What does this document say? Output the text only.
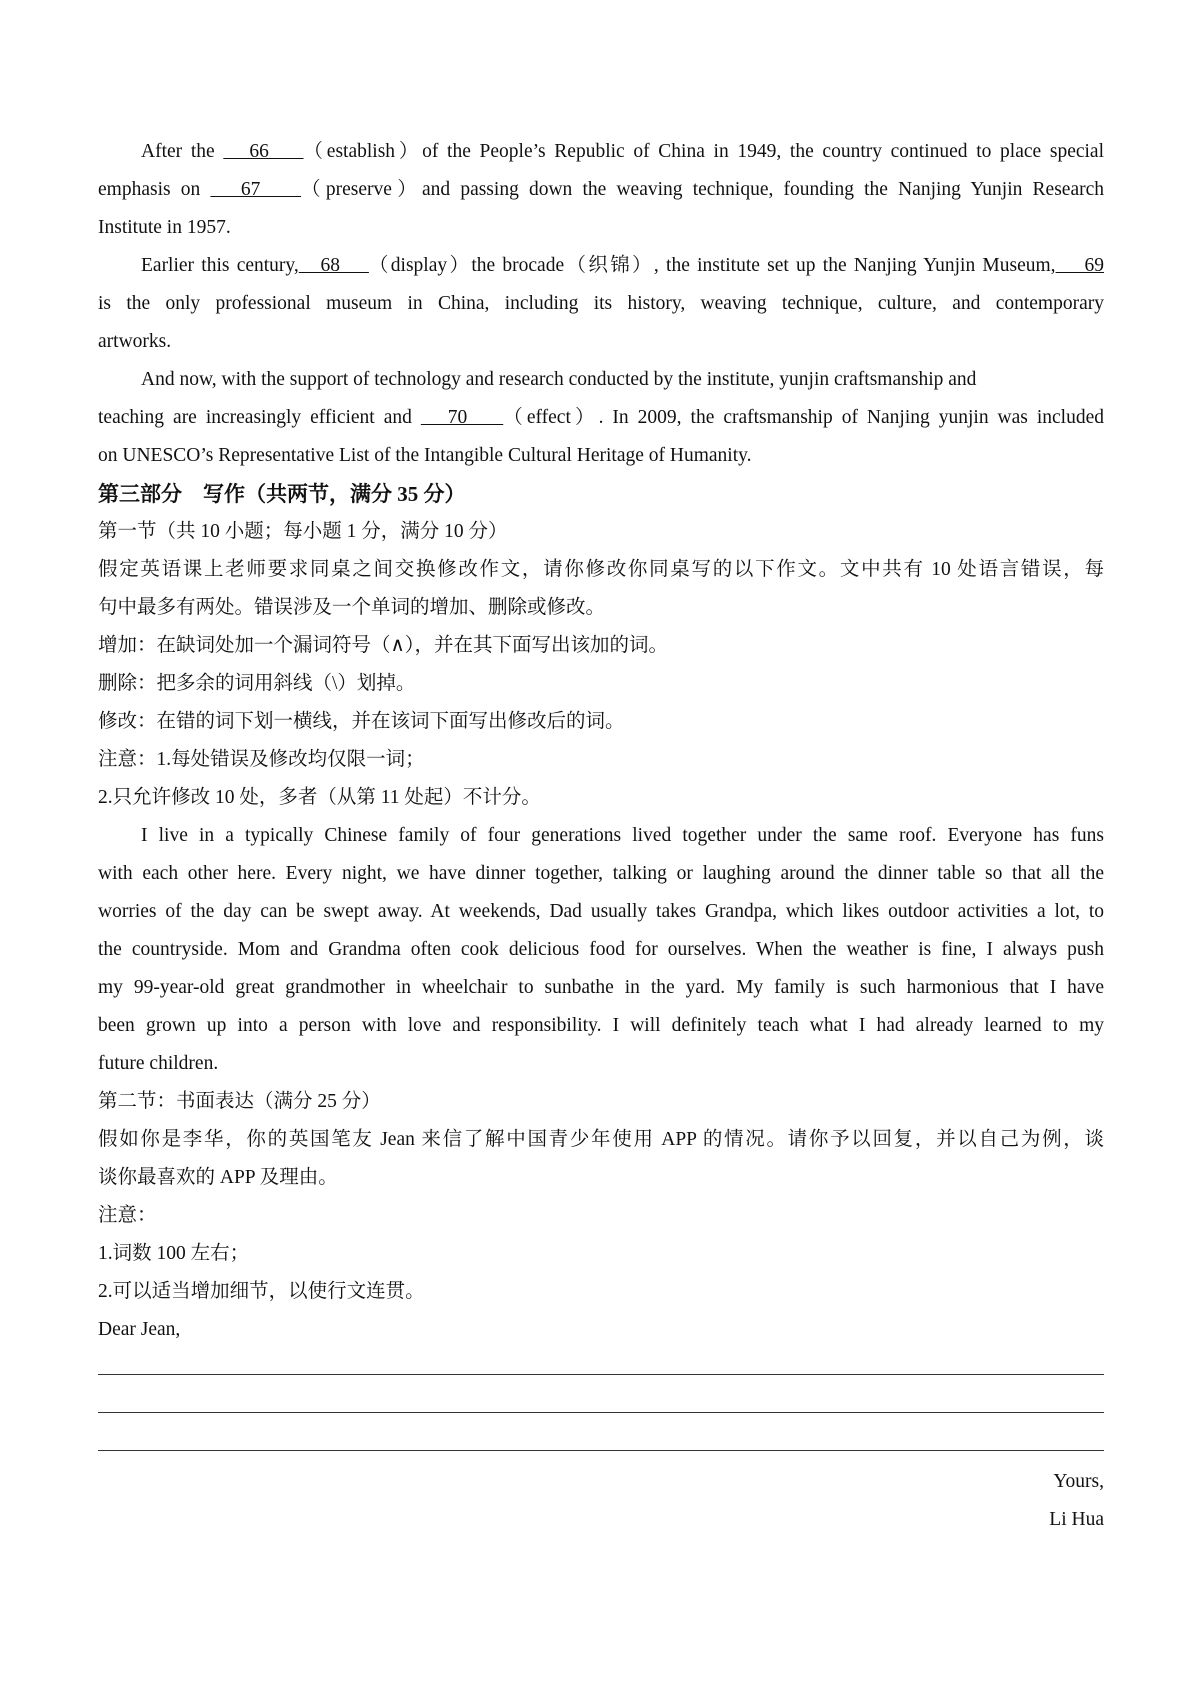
After the    66    （establish）of the People’s Republic of China in 1949, the country continued to place special
emphasis on    67    （preserve）and passing down the weaving technique, founding the Nanjing Yunjin Research
Institute in 1957.
Earlier this century,   68    （display）the brocade（织锦）, the institute set up the Nanjing Yunjin Museum,    69
is the only professional museum in China, including its history, weaving technique, culture, and contemporary
artworks.
And now, with the support of technology and research conducted by the institute, yunjin craftsmanship and
teaching are increasingly efficient and    70    （effect）. In 2009, the craftsmanship of Nanjing yunjin was included
on UNESCO’s Representative List of the Intangible Cultural Heritage of Humanity.
第三部分　写作（共两节，满分 35 分）
第一节（共 10 小题；每小题 1 分，满分 10 分）
假定英语课上老师要求同桌之间交换修改作文，请你修改你同桌写的以下作文。文中共有 10 处语言错误，每
句中最多有两处。错误涉及一个单词的增加、删除或修改。
增加：在缺词处加一个漏词符号（∧），并在其下面写出该加的词。
删除：把多余的词用斜线（\）划掉。
修改：在错的词下划一横线，并在该词下面写出修改后的词。
注意：1.每处错误及修改均仅限一词；
2.只允许修改 10 处，多者（从第 11 处起）不计分。
I live in a typically Chinese family of four generations lived together under the same roof. Everyone has funs
with each other here. Every night, we have dinner together, talking or laughing around the dinner table so that all the
worries of the day can be swept away. At weekends, Dad usually takes Grandpa, which likes outdoor activities a lot, to
the countryside. Mom and Grandma often cook delicious food for ourselves. When the weather is fine, I always push
my 99-year-old great grandmother in wheelchair to sunbathe in the yard. My family is such harmonious that I have
been grown up into a person with love and responsibility. I will definitely teach what I had already learned to my
future children.
第二节：书面表达（满分 25 分）
假如你是李华，你的英国笔友 Jean 来信了解中国青少年使用 APP 的情况。请你予以回复，并以自己为例，谈
谈你最喜欢的 APP 及理由。
注意：
1.词数 100 左右；
2.可以适当增加细节，以使行文连贯。
Dear Jean,
Yours,
Li Hua
